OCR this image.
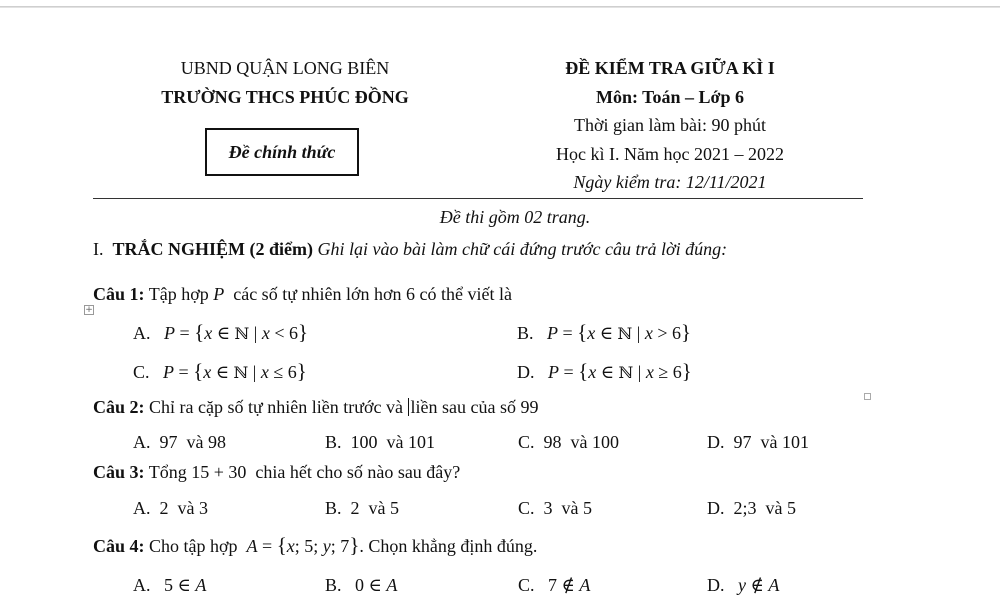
UBND QUẬN LONG BIÊN
TRƯỜNG THCS PHÚC ĐỒNG
Đề chính thức
ĐỀ KIỂM TRA GIỮA KÌ I
Môn: Toán – Lớp 6
Thời gian làm bài: 90 phút
Học kì I. Năm học 2021 – 2022
Ngày kiểm tra: 12/11/2021
Đề thi gồm 02 trang.
I. TRẮC NGHIỆM (2 điểm) Ghi lại vào bài làm chữ cái đứng trước câu trả lời đúng:
Câu 1: Tập hợp P các số tự nhiên lớn hơn 6 có thể viết là
+
A. P = {x ∈ ℕ | x < 6}	B. P = {x ∈ ℕ | x > 6}
C. P = {x ∈ ℕ | x ≤ 6}	D. P = {x ∈ ℕ | x ≥ 6}
Câu 2: Chỉ ra cặp số tự nhiên liền trước và liền sau của số 99
A. 97  và 98	B. 100  và 101	C. 98  và 100	D. 97  và 101
Câu 3: Tổng 15 + 30 chia hết cho số nào sau đây?
A. 2  và 3	B. 2  và 5	C. 3  và 5	D. 2;3  và 5
Câu 4: Cho tập hợp A = {x; 5; y; 7}. Chọn khẳng định đúng.
A. 5 ∈ A	B. 0 ∈ A	C. 7 ∉ A	D. y ∉ A
